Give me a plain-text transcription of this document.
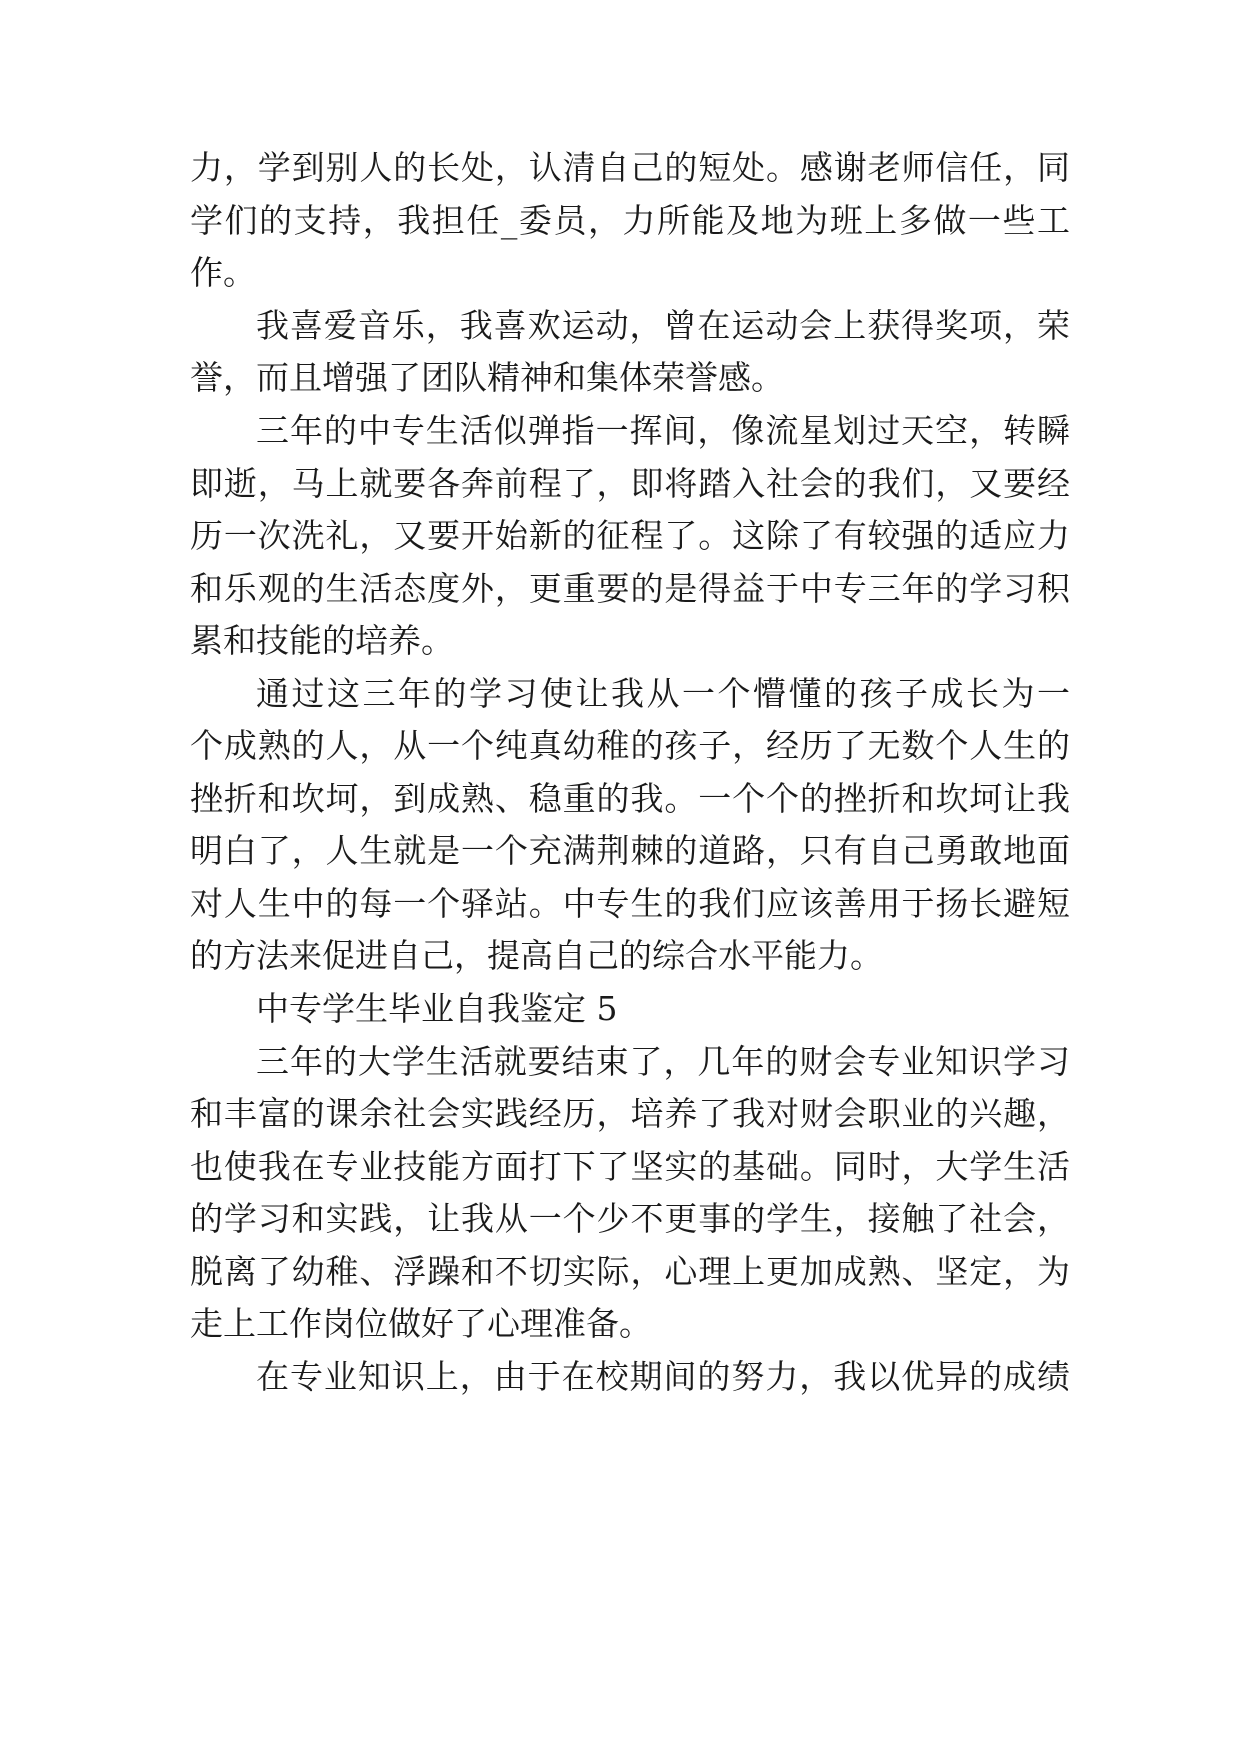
力，学到别人的长处，认清自己的短处。感谢老师信任，同
学们的支持，我担任_委员，力所能及地为班上多做一些工
作。
我喜爱音乐，我喜欢运动，曾在运动会上获得奖项，荣
誉，而且增强了团队精神和集体荣誉感。
三年的中专生活似弹指一挥间，像流星划过天空，转瞬
即逝，马上就要各奔前程了，即将踏入社会的我们，又要经
历一次洗礼，又要开始新的征程了。这除了有较强的适应力
和乐观的生活态度外，更重要的是得益于中专三年的学习积
累和技能的培养。
通过这三年的学习使让我从一个懵懂的孩子成长为一
个成熟的人，从一个纯真幼稚的孩子，经历了无数个人生的
挫折和坎坷，到成熟、稳重的我。一个个的挫折和坎坷让我
明白了，人生就是一个充满荆棘的道路，只有自己勇敢地面
对人生中的每一个驿站。中专生的我们应该善用于扬长避短
的方法来促进自己，提高自己的综合水平能力。
中专学生毕业自我鉴定 5
三年的大学生活就要结束了，几年的财会专业知识学习
和丰富的课余社会实践经历，培养了我对财会职业的兴趣，
也使我在专业技能方面打下了坚实的基础。同时，大学生活
的学习和实践，让我从一个少不更事的学生，接触了社会，
脱离了幼稚、浮躁和不切实际，心理上更加成熟、坚定，为
走上工作岗位做好了心理准备。
在专业知识上，由于在校期间的努力，我以优异的成绩
